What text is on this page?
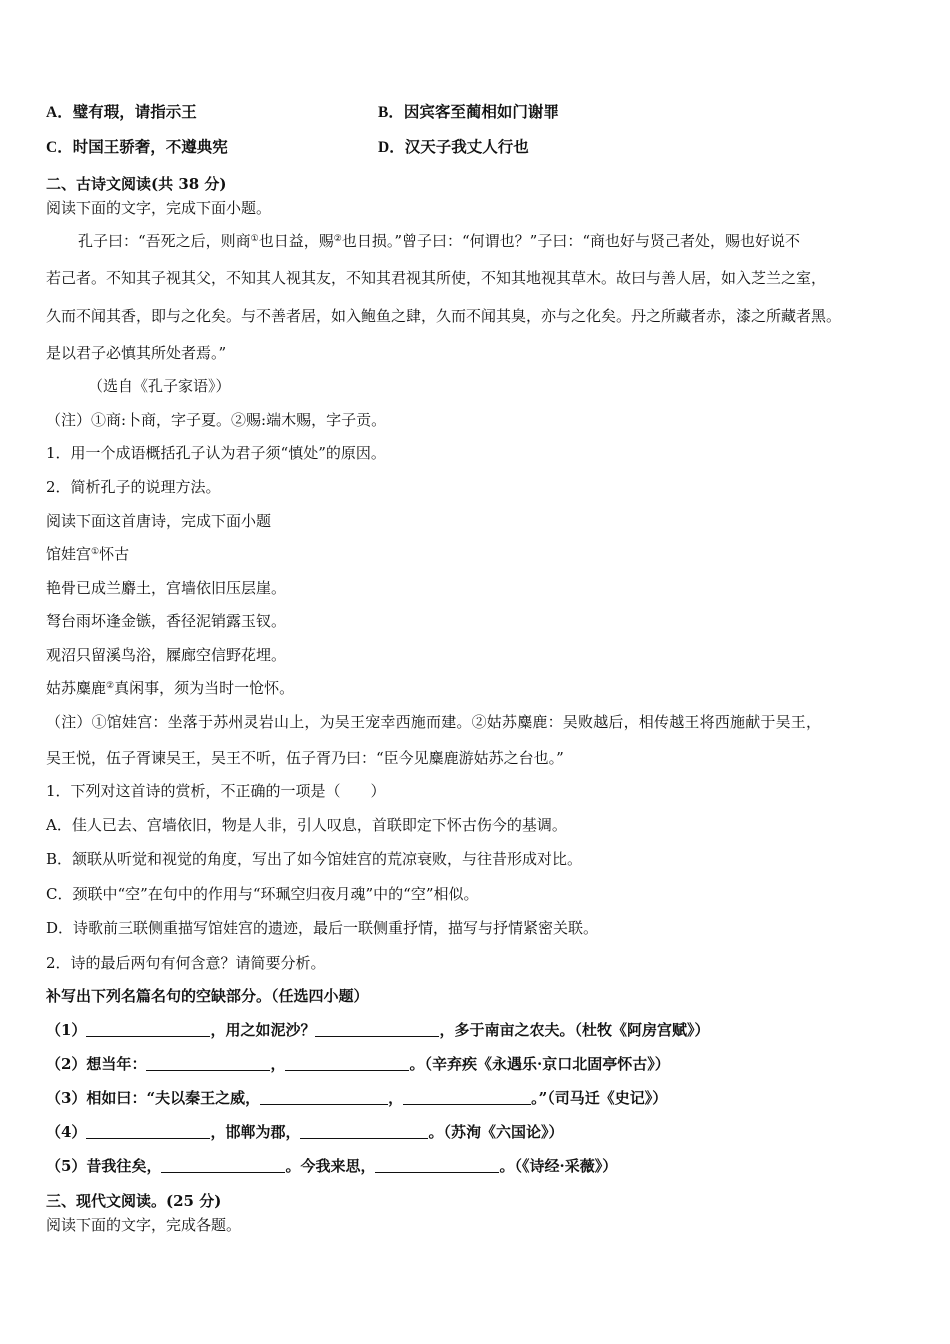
A．璧有瑕，请指示王	B．因宾客至蔺相如门谢罪
C．时国王骄奢，不遵典宪	D．汉天子我丈人行也
二、古诗文阅读(共 38 分)
阅读下面的文字，完成下面小题。
孔子曰：“吾死之后，则商①也日益，赐②也日损。”曾子曰：“何谓也？”子曰：“商也好与贤己者处，赐也好说不
若己者。不知其子视其父，不知其人视其友，不知其君视其所使，不知其地视其草木。故曰与善人居，如入芝兰之室，
久而不闻其香，即与之化矣。与不善者居，如入鲍鱼之肆，久而不闻其臭，亦与之化矣。丹之所藏者赤，漆之所藏者黑。
是以君子必慎其所处者焉。”
（选自《孔子家语》）
（注）①商:卜商，字子夏。②赐:端木赐，字子贡。
1．用一个成语概括孔子认为君子须“慎处”的原因。
2．简析孔子的说理方法。
阅读下面这首唐诗，完成下面小题
馆娃宫①怀古
艳骨已成兰麝土，宫墙依旧压层崖。
弩台雨坏逢金镞，香径泥销露玉钗。
观沼只留溪鸟浴，屧廊空信野花埋。
姑苏麋鹿②真闲事，须为当时一怆怀。
（注）①馆娃宫：坐落于苏州灵岩山上，为吴王宠幸西施而建。②姑苏麋鹿：吴败越后，相传越王将西施献于吴王，
吴王悦，伍子胥谏吴王，吴王不听，伍子胥乃曰：“臣今见麋鹿游姑苏之台也。”
1．下列对这首诗的赏析，不正确的一项是（　　）
A．佳人已去、宫墙依旧，物是人非，引人叹息，首联即定下怀古伤今的基调。
B．颔联从听觉和视觉的角度，写出了如今馆娃宫的荒凉衰败，与往昔形成对比。
C．颈联中“空”在句中的作用与“环珮空归夜月魂”中的“空”相似。
D．诗歌前三联侧重描写馆娃宫的遗迹，最后一联侧重抒情，描写与抒情紧密关联。
2．诗的最后两句有何含意？请简要分析。
补写出下列名篇名句的空缺部分。（任选四小题）
（1）	，用之如泥沙？	，多于南亩之农夫。（杜牧《阿房宫赋》）
（2）想当年：	，	。（辛弃疾《永遇乐·京口北固亭怀古》）
（3）相如曰：“夫以秦王之威，	，	。”（司马迁《史记》）
（4）	，邯郸为郡，	。（苏洵《六国论》）
（5）昔我往矣，	。今我来思，	。（《诗经·采薇》）
三、现代文阅读。(25 分)
阅读下面的文字，完成各题。
